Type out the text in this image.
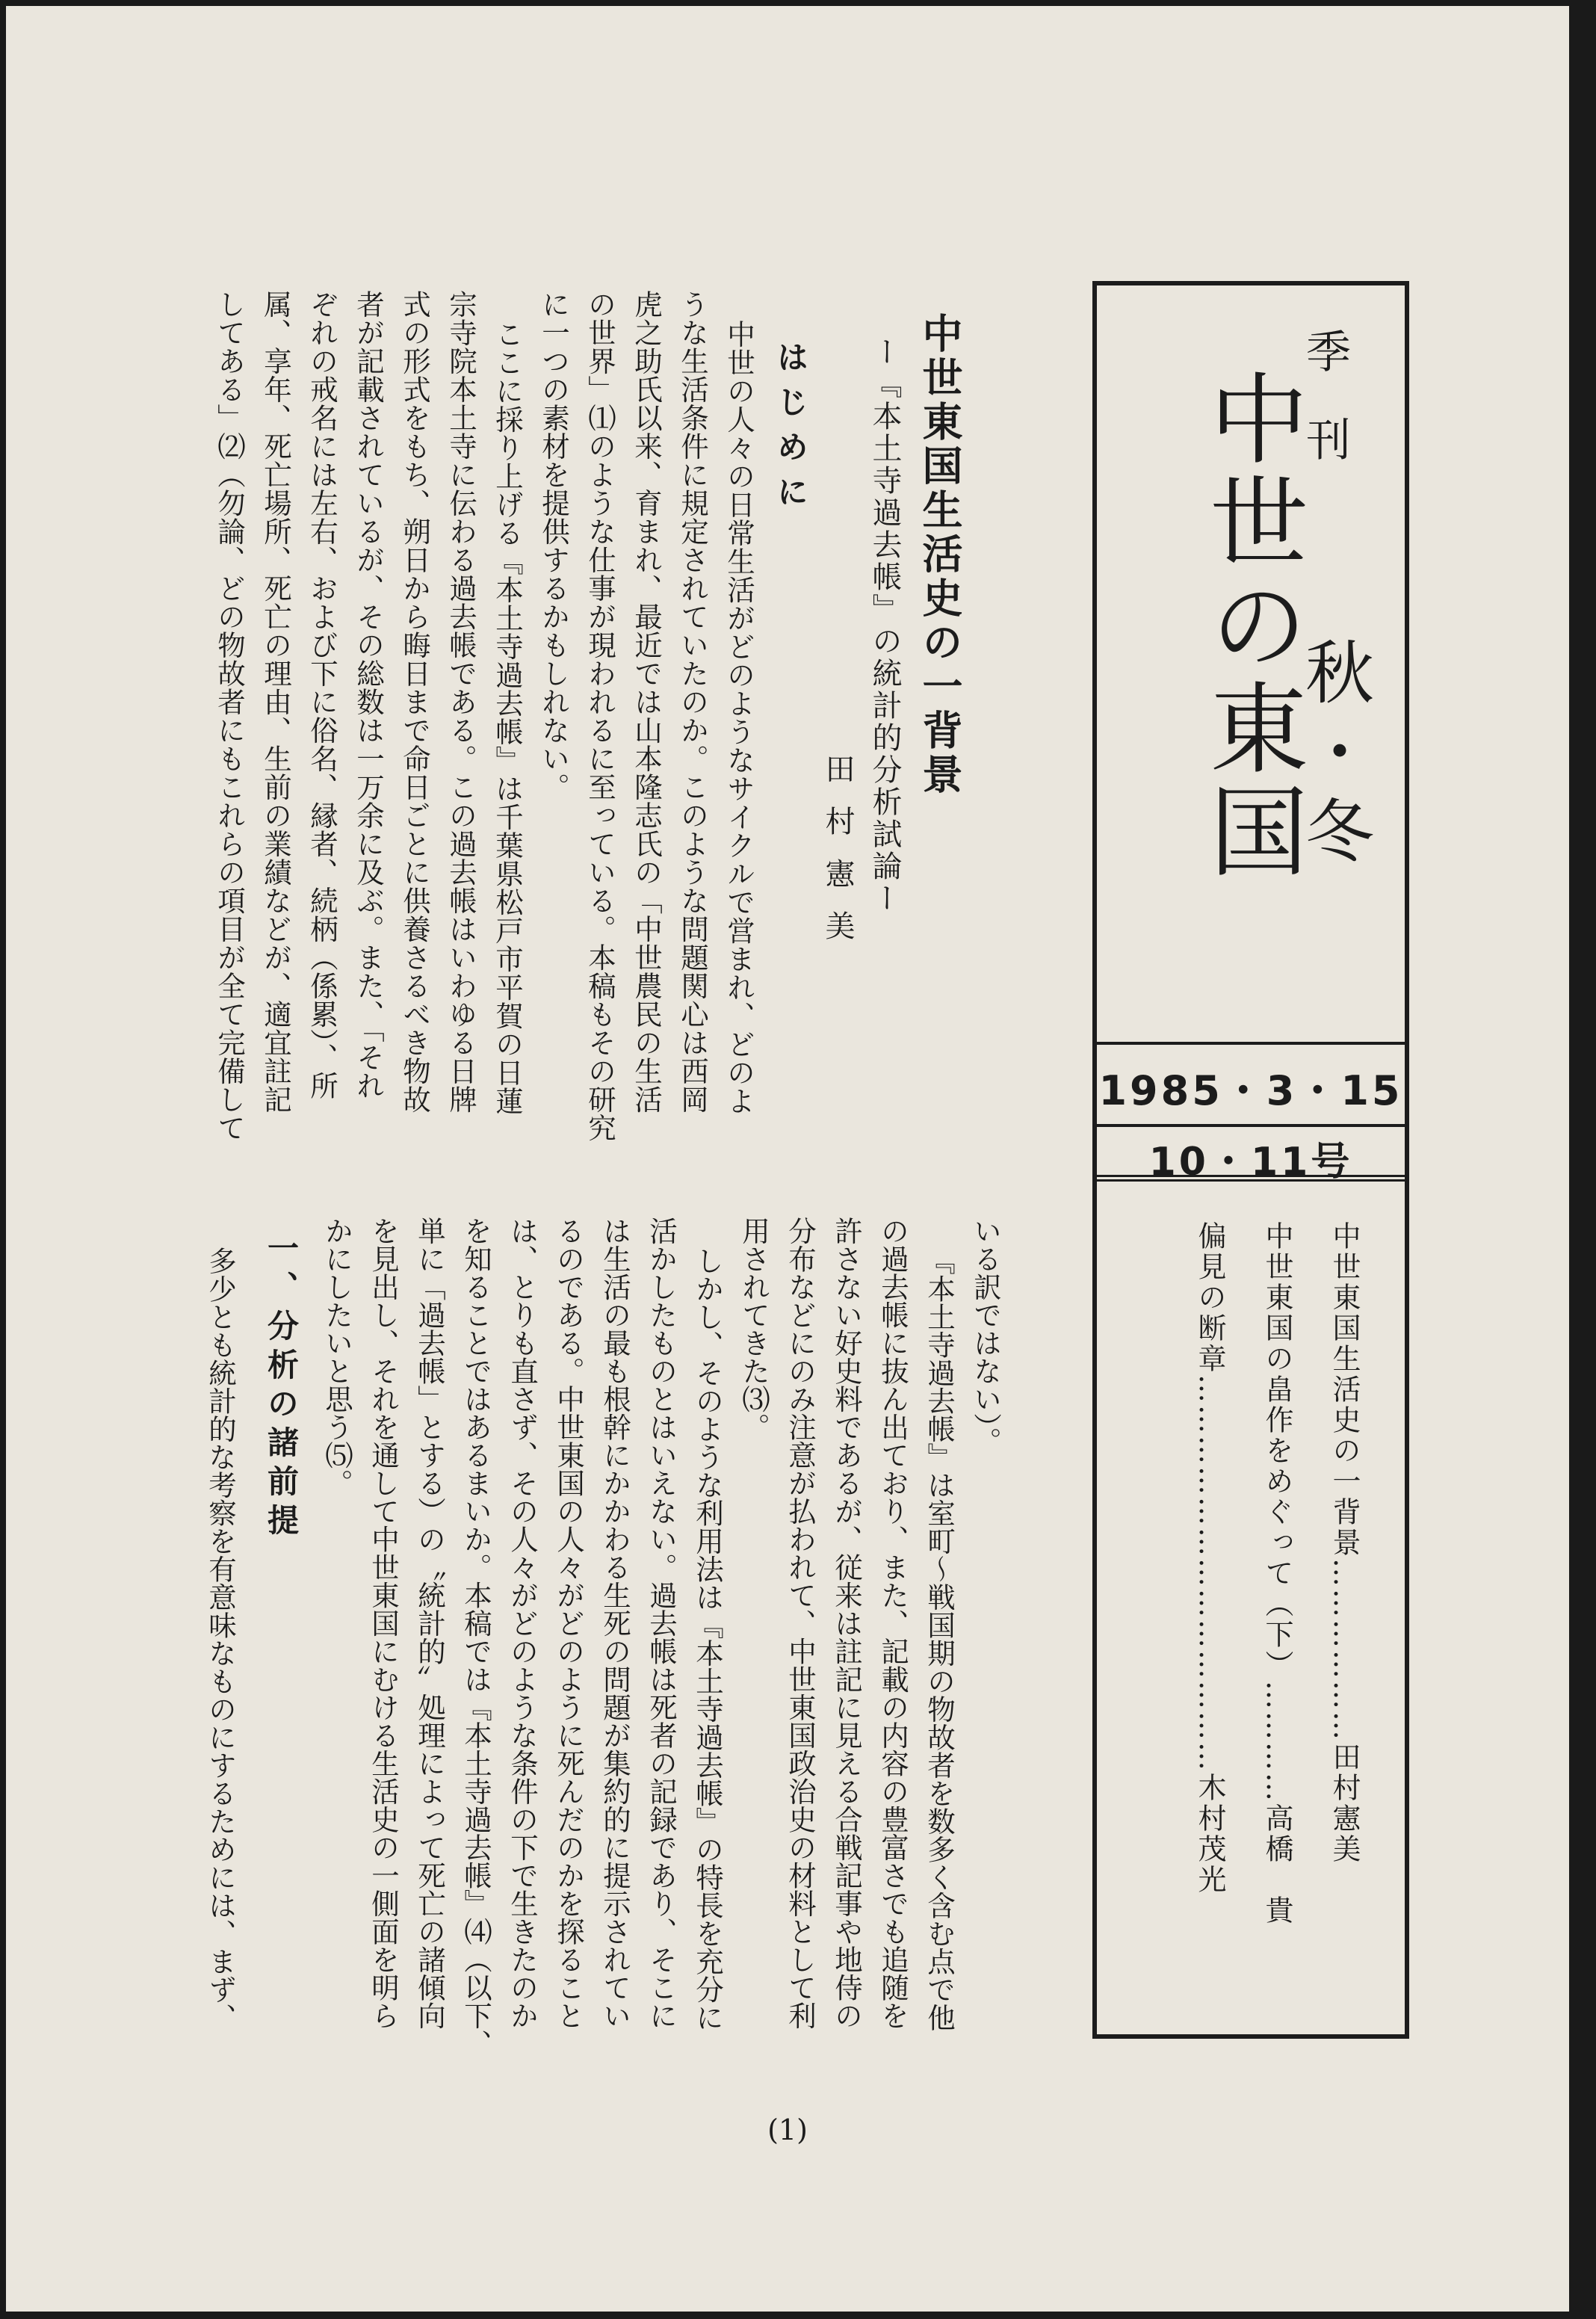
季
刊
中世の東国
秋・冬
1985・3・15
10・11号
中世東国生活史の一背景………………田村憲美
中世東国の畠作をめぐって（下）…………高橋　貴
偏見の断章…………………………………木村茂光
中世東国生活史の一背景
ー『本土寺過去帳』の統計的分析試論ー
田村憲美
はじめに
中世の人々の日常生活がどのようなサイクルで営まれ、どのよ
うな生活条件に規定されていたのか。このような問題関心は西岡
虎之助氏以来、育まれ、最近では山本隆志氏の「中世農民の生活
の世界」⑴のような仕事が現われるに至っている。本稿もその研究
に一つの素材を提供するかもしれない。
ここに採り上げる『本土寺過去帳』は千葉県松戸市平賀の日蓮
宗寺院本土寺に伝わる過去帳である。この過去帳はいわゆる日牌
式の形式をもち、朔日から晦日まで命日ごとに供養さるべき物故
者が記載されているが、その総数は一万余に及ぶ。また、「それ
ぞれの戒名には左右、および下に俗名、縁者、続柄（係累）、所
属、享年、死亡場所、死亡の理由、生前の業績などが、適宜註記
してある」⑵（勿論、どの物故者にもこれらの項目が全て完備して
いる訳ではない）。
『本土寺過去帳』は室町〜戦国期の物故者を数多く含む点で他
の過去帳に抜ん出ており、また、記載の内容の豊富さでも追随を
許さない好史料であるが、従来は註記に見える合戦記事や地侍の
分布などにのみ注意が払われて、中世東国政治史の材料として利
用されてきた⑶。
しかし、そのような利用法は『本土寺過去帳』の特長を充分に
活かしたものとはいえない。過去帳は死者の記録であり、そこに
は生活の最も根幹にかかわる生死の問題が集約的に提示されてい
るのである。中世東国の人々がどのように死んだのかを探ること
は、とりも直さず、その人々がどのような条件の下で生きたのか
を知ることではあるまいか。本稿では『本土寺過去帳』⑷（以下、
単に「過去帳」とする）の〝統計的〟処理によって死亡の諸傾向
を見出し、それを通して中世東国にむける生活史の一側面を明ら
かにしたいと思う⑸。
一、分析の諸前提
多少とも統計的な考察を有意味なものにするためには、まず、
(1)
